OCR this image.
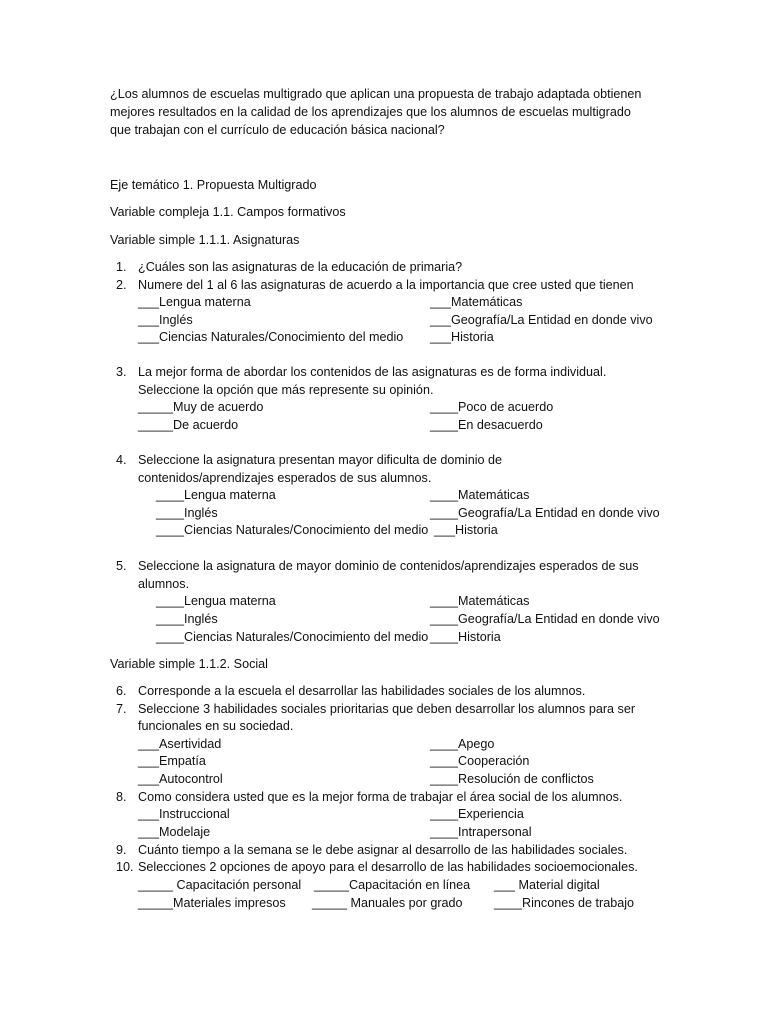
¿Los alumnos de escuelas multigrado que aplican una propuesta de trabajo adaptada obtienen
mejores resultados en la calidad de los aprendizajes que los alumnos de escuelas multigrado
que trabajan con el currículo de educación básica nacional?
Eje temático 1. Propuesta Multigrado
Variable compleja 1.1. Campos formativos
Variable simple 1.1.1. Asignaturas
1. ¿Cuáles son las asignaturas de la educación de primaria?
2. Numere del 1 al 6 las asignaturas de acuerdo a la importancia que cree usted que tienen
___Lengua materna	___Matemáticas
___Inglés	___Geografía/La Entidad en donde vivo
___Ciencias Naturales/Conocimiento del medio ___Historia
3. La mejor forma de abordar los contenidos de las asignaturas es de forma individual.
Seleccione la opción que más represente su opinión.
_____Muy de acuerdo	____Poco de acuerdo
_____De acuerdo	____En desacuerdo
4. Seleccione la asignatura presentan mayor dificulta de dominio de
contenidos/aprendizajes esperados de sus alumnos.
____Lengua materna	____Matemáticas
____Inglés	____Geografía/La Entidad en donde vivo
____Ciencias Naturales/Conocimiento del medio ___Historia
5. Seleccione la asignatura de mayor dominio de contenidos/aprendizajes esperados de sus
alumnos.
____Lengua materna	____Matemáticas
____Inglés	____Geografía/La Entidad en donde vivo
____Ciencias Naturales/Conocimiento del medio ____Historia
Variable simple 1.1.2. Social
6. Corresponde a la escuela el desarrollar las habilidades sociales de los alumnos.
7. Seleccione 3 habilidades sociales prioritarias que deben desarrollar los alumnos para ser
funcionales en su sociedad.
___Asertividad	____Apego
___Empatía	____Cooperación
___Autocontrol	____Resolución de conflictos
8. Como considera usted que es la mejor forma de trabajar el área social de los alumnos.
___Instruccional	____Experiencia
___Modelaje	____Intrapersonal
9. Cuánto tiempo a la semana se le debe asignar al desarrollo de las habilidades sociales.
10. Selecciones 2 opciones de apoyo para el desarrollo de las habilidades socioemocionales.
_____ Capacitación personal _____Capacitación en línea ___ Material digital
_____Materiales impresos _____ Manuales por grado ____Rincones de trabajo
